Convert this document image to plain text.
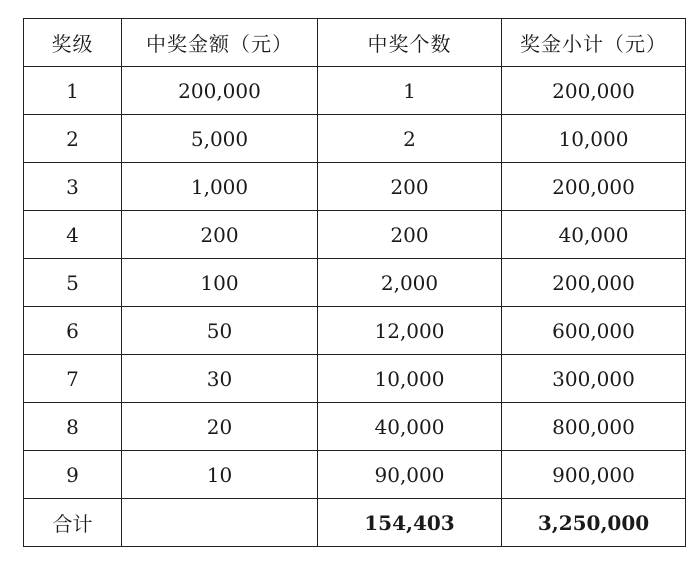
奖级	中奖金额（元）	中奖个数	奖金小计（元）
1	200,000	1	200,000
2	5,000	2	10,000
3	1,000	200	200,000
4	200	200	40,000
5	100	2,000	200,000
6	50	12,000	600,000
7	30	10,000	300,000
8	20	40,000	800,000
9	10	90,000	900,000
合计		154,403	3,250,000
